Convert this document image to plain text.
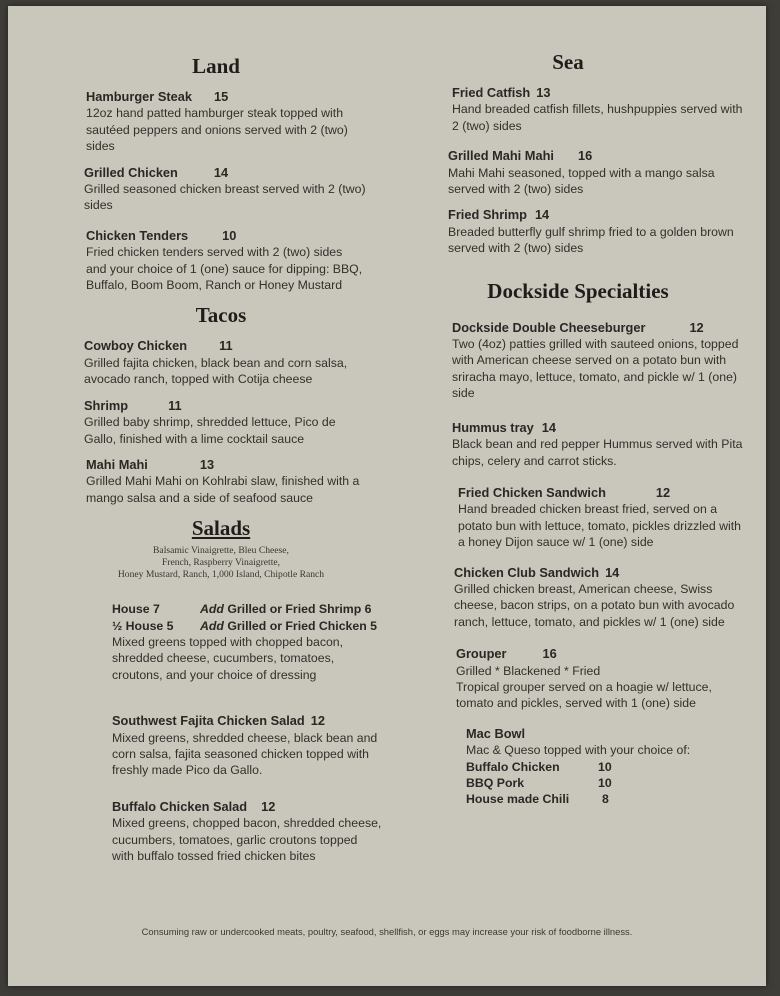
Land
Hamburger Steak 15
12oz hand patted hamburger steak topped with sautéed peppers and onions served with 2 (two) sides
Grilled Chicken	14
Grilled seasoned chicken breast served with 2 (two) sides
Chicken Tenders	10
Fried chicken tenders served with 2 (two) sides and your choice of 1 (one) sauce for dipping: BBQ, Buffalo, Boom Boom, Ranch or Honey Mustard
Tacos
Cowboy Chicken	11
Grilled fajita chicken, black bean and corn salsa, avocado ranch, topped with Cotija cheese
Shrimp	11
Grilled baby shrimp, shredded lettuce, Pico de Gallo, finished with a lime cocktail sauce
Mahi Mahi	13
Grilled Mahi Mahi on Kohlrabi slaw, finished with a mango salsa and a side of seafood sauce
Salads
Balsamic Vinaigrette, Bleu Cheese,
French, Raspberry Vinaigrette,
Honey Mustard, Ranch, 1,000 Island, Chipotle Ranch
House 7	Add Grilled or Fried Shrimp 6
½ House 5 Add Grilled or Fried Chicken 5
Mixed greens topped with chopped bacon, shredded cheese, cucumbers, tomatoes, croutons, and your choice of dressing
Southwest Fajita Chicken Salad 12
Mixed greens, shredded cheese, black bean and corn salsa, fajita seasoned chicken topped with freshly made Pico da Gallo.
Buffalo Chicken Salad 12
Mixed greens, chopped bacon, shredded cheese, cucumbers, tomatoes, garlic croutons topped with buffalo tossed fried chicken bites
Sea
Fried Catfish 13
Hand breaded catfish fillets, hushpuppies served with 2 (two) sides
Grilled Mahi Mahi 16
Mahi Mahi seasoned, topped with a mango salsa served with 2 (two) sides
Fried Shrimp 14
Breaded butterfly gulf shrimp fried to a golden brown served with 2 (two) sides
Dockside Specialties
Dockside Double Cheeseburger	12
Two (4oz) patties grilled with sauteed onions, topped with American cheese served on a potato bun with sriracha mayo, lettuce, tomato, and pickle w/ 1 (one) side
Hummus tray 14
Black bean and red pepper Hummus served with Pita chips, celery and carrot sticks.
Fried Chicken Sandwich	12
Hand breaded chicken breast fried, served on a potato bun with lettuce, tomato, pickles drizzled with a honey Dijon sauce w/ 1 (one) side
Chicken Club Sandwich 14
Grilled chicken breast, American cheese, Swiss cheese, bacon strips, on a potato bun with avocado ranch, lettuce, tomato, and pickles w/ 1 (one) side
Grouper	16
Grilled * Blackened * Fried
Tropical grouper served on a hoagie w/ lettuce, tomato and pickles, served with 1 (one) side
Mac Bowl
Mac & Queso topped with your choice of:
Buffalo Chicken	10
BBQ Pork	10
House made Chili	8
Consuming raw or undercooked meats, poultry, seafood, shellfish, or eggs may increase your risk of foodborne illness.
